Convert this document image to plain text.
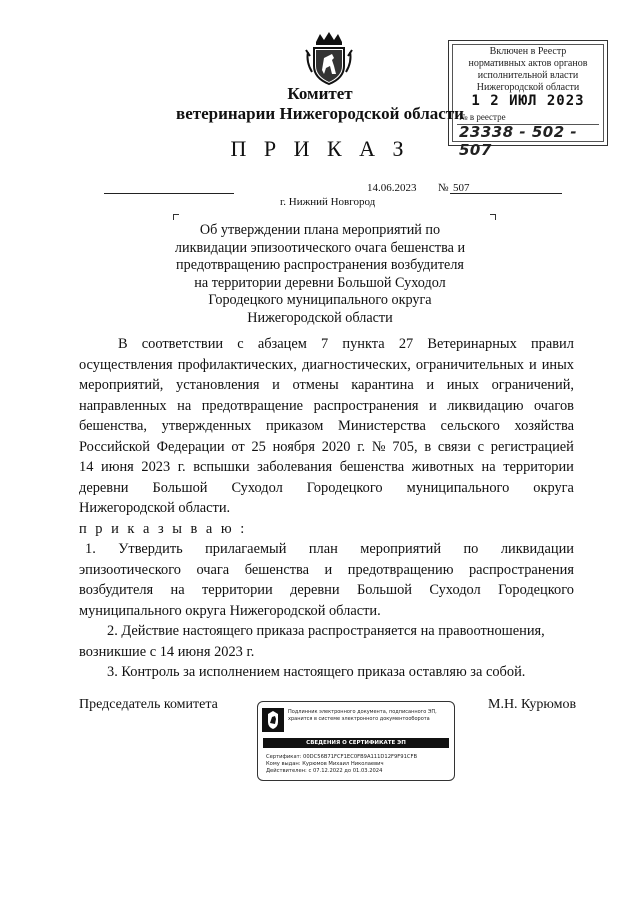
Включен в Реестр
нормативных актов органов
исполнительной власти
Нижегородской области
1 2 ИЮЛ 2023
№ в реестре
23338 - 502 - 507
Комитет
ветеринарии Нижегородской области
П Р И К А З
14.06.2023 № 507
г. Нижний Новгород
Об утверждении плана мероприятий по
ликвидации эпизоотического очага бешенства и
предотвращению распространения возбудителя
на территории деревни Большой Суходол
Городецкого муниципального округа
Нижегородской области
В соответствии с абзацем 7 пункта 27 Ветеринарных правил
осуществления профилактических, диагностических, ограничительных и иных
мероприятий, установления и отмены карантина и иных ограничений,
направленных на предотвращение распространения и ликвидацию очагов
бешенства, утвержденных приказом Министерства сельского хозяйства
Российской Федерации от 25 ноября 2020 г. № 705, в связи с регистрацией
14 июня 2023 г. вспышки заболевания бешенства животных на территории
деревни Большой Суходол Городецкого муниципального округа
Нижегородской области.
п р и к а з ы в а ю :
1. Утвердить прилагаемый план мероприятий по ликвидации
эпизоотического очага бешенства и предотвращению распространения
возбудителя на территории деревни Большой Суходол Городецкого
муниципального округа Нижегородской области.
2. Действие настоящего приказа распространяется на правоотношения,
возникшие с 14 июня 2023 г.
3. Контроль за исполнением настоящего приказа оставляю за собой.
Председатель комитета	М.Н. Курюмов
Подлинник электронного документа, подписанного ЭП,
хранится в системе электронного документооборота
СВЕДЕНИЯ О СЕРТИФИКАТЕ ЭП
Сертификат: 00DC56B71FCF1EC0FB9A111D12F9F91CFB
Кому выдан: Курюмов Михаил Николаевич
Действителен: с 07.12.2022 до 01.03.2024
